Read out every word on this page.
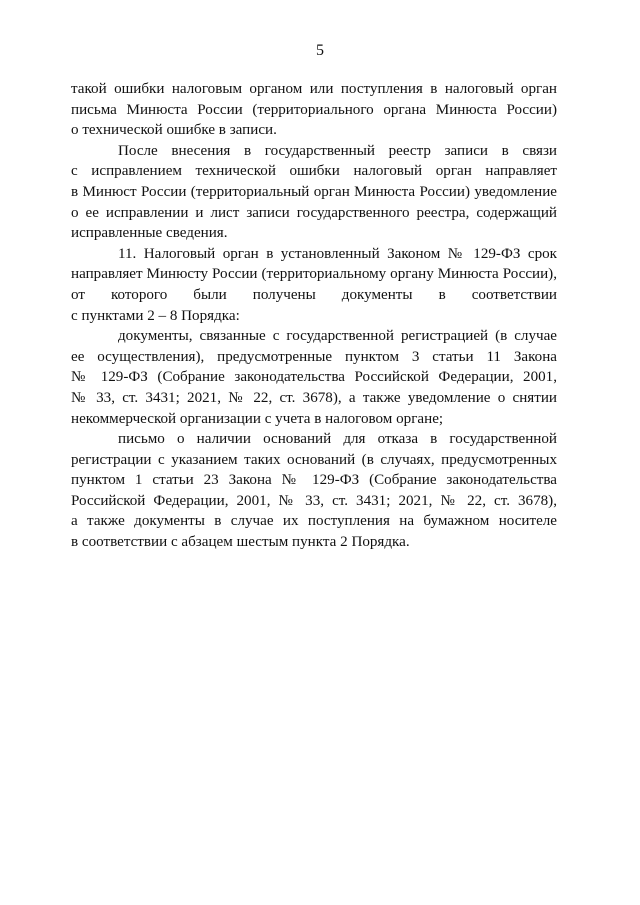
5

такой ошибки налоговым органом или поступления в налоговый орган
письма Минюста России (территориального органа Минюста России)
о технической ошибке в записи.

После внесения в государственный реестр записи в связи
с исправлением технической ошибки налоговый орган направляет
в Минюст России (территориальный орган Минюста России) уведомление
о ее исправлении и лист записи государственного реестра, содержащий
исправленные сведения.

11. Налоговый орган в установленный Законом № 129-ФЗ срок
направляет Минюсту России (территориальному органу Минюста России),
от которого были получены документы в соответствии
с пунктами 2 – 8 Порядка:

документы, связанные с государственной регистрацией (в случае
ее осуществления), предусмотренные пунктом 3 статьи 11 Закона
№ 129-ФЗ (Собрание законодательства Российской Федерации, 2001,
№ 33, ст. 3431; 2021, № 22, ст. 3678), а также уведомление о снятии
некоммерческой организации с учета в налоговом органе;

письмо о наличии оснований для отказа в государственной
регистрации с указанием таких оснований (в случаях, предусмотренных
пунктом 1 статьи 23 Закона № 129-ФЗ (Собрание законодательства
Российской Федерации, 2001, № 33, ст. 3431; 2021, № 22, ст. 3678),
а также документы в случае их поступления на бумажном носителе
в соответствии с абзацем шестым пункта 2 Порядка.
